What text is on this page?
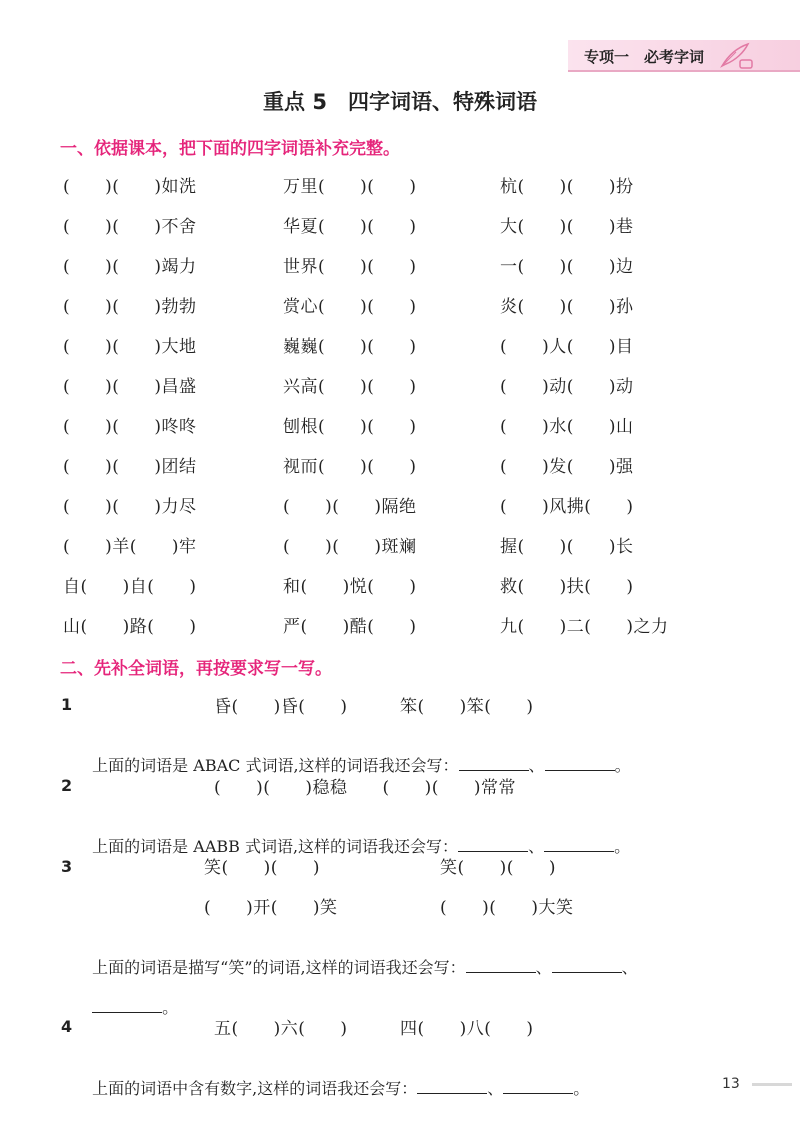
专项一　必考字词
重点 5　四字词语、特殊词语
一、依据课本，把下面的四字词语补充完整。
(　　)(　　)如洗	万里(　　)(　　)	杭(　　)(　　)扮
(　　)(　　)不舍	华夏(　　)(　　)	大(　　)(　　)巷
(　　)(　　)竭力	世界(　　)(　　)	一(　　)(　　)边
(　　)(　　)勃勃	赏心(　　)(　　)	炎(　　)(　　)孙
(　　)(　　)大地	巍巍(　　)(　　)	(　　)人(　　)目
(　　)(　　)昌盛	兴高(　　)(　　)	(　　)动(　　)动
(　　)(　　)咚咚	刨根(　　)(　　)	(　　)水(　　)山
(　　)(　　)团结	视而(　　)(　　)	(　　)发(　　)强
(　　)(　　)力尽	(　　)(　　)隔绝	(　　)风拂(　　)
(　　)羊(　　)牢	(　　)(　　)斑斓	握(　　)(　　)长
自(　　)自(　　)	和(　　)悦(　　)	救(　　)扶(　　)
山(　　)路(　　)	严(　　)酷(　　)	九(　　)二(　　)之力
二、先补全词语，再按要求写一写。
1	昏(　　)昏(　　)　　　笨(　　)笨(　　)

上面的词语是 ABAC 式词语,这样的词语我还会写：	、	。

2	(　　)(　　)稳稳　　(　　)(　　)常常

上面的词语是 AABB 式词语,这样的词语我还会写：	、	。

3	笑(　　)(　　)	笑(　　)(　　)
(　　)开(　　)笑	(　　)(　　)大笑

上面的词语是描写“笑”的词语,这样的词语我还会写：	、	、

。

4	五(　　)六(　　)　　　四(　　)八(　　)

上面的词语中含有数字,这样的词语我还会写：	、	。	13
